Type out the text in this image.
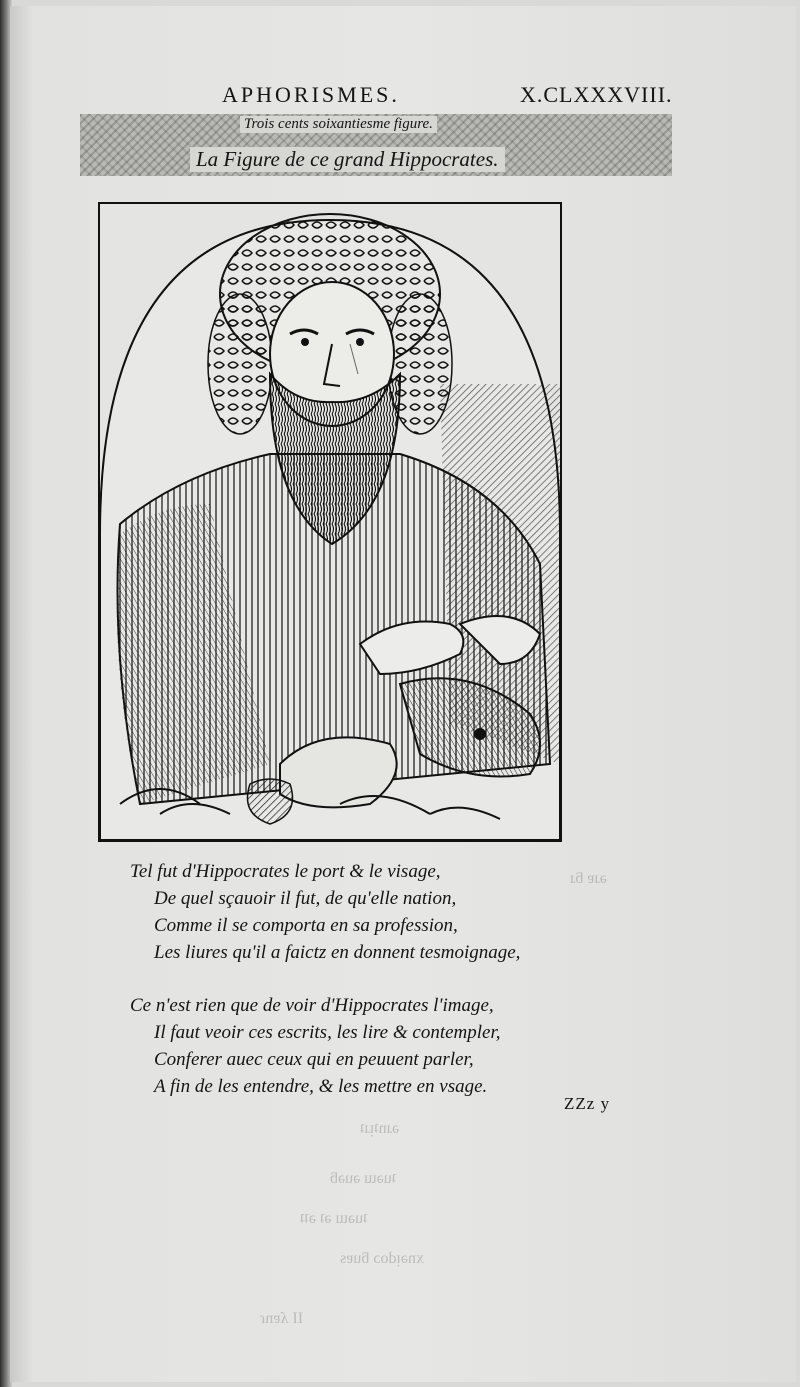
ǝɹɐ ƃɹ
ǝɹnʇᴉɹʇ
ʇuǝɯ ǝuǝƃ
ʇuǝɯ ǝʇ ǝʇʇ
xnǝᴉdoɔ ƃuɐs
II ʎɐnɾ
APHORISMES.	X.CLXXXVIII.
Trois cents soixantiesme figure.
La Figure de ce grand Hippocrates.
Tel fut d'Hippocrates le port & le visage,
De quel sçauoir il fut, de qu'elle nation,
Comme il se comporta en sa profession,
Les liures qu'il a faictz en donnent tesmoignage,
Ce n'est rien que de voir d'Hippocrates l'image,
Il faut veoir ces escrits, les lire & contempler,
Conferer auec ceux qui en peuuent parler,
A fin de les entendre, & les mettre en vsage.
ZZz y
